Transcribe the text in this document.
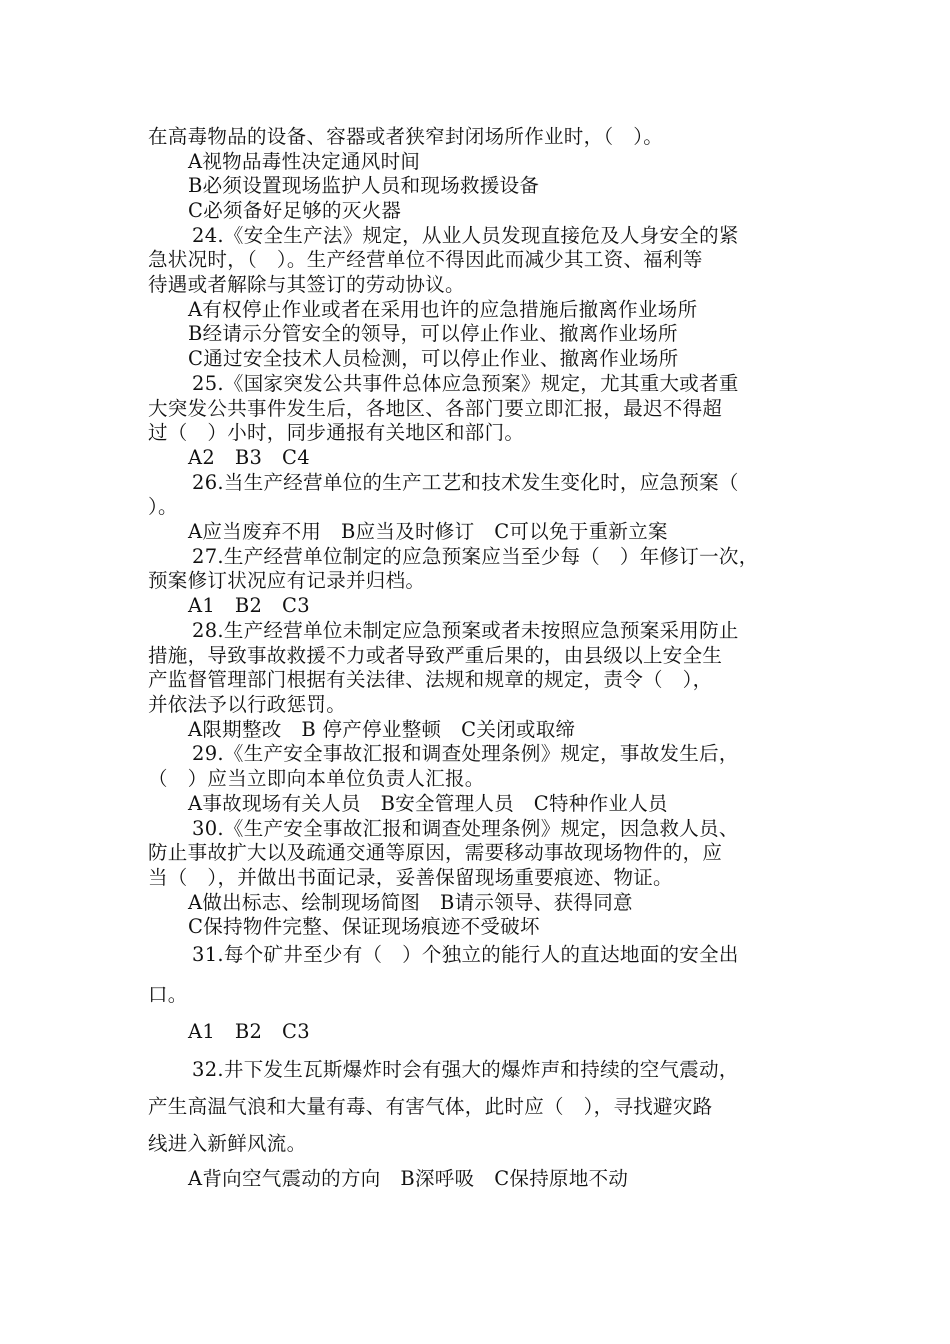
在高毒物品的设备、容器或者狭窄封闭场所作业时，（　）。
A视物品毒性决定通风时间
B必须设置现场监护人员和现场救援设备
C必须备好足够的灭火器
24.《安全生产法》规定，从业人员发现直接危及人身安全的紧
急状况时，（　）。生产经营单位不得因此而减少其工资、福利等
待遇或者解除与其签订的劳动协议。
A有权停止作业或者在采用也许的应急措施后撤离作业场所
B经请示分管安全的领导，可以停止作业、撤离作业场所
C通过安全技术人员检测，可以停止作业、撤离作业场所
25.《国家突发公共事件总体应急预案》规定，尤其重大或者重
大突发公共事件发生后，各地区、各部门要立即汇报，最迟不得超
过（　）小时，同步通报有关地区和部门。
A2　B3　C4
26.当生产经营单位的生产工艺和技术发生变化时，应急预案（
）。
A应当废弃不用　B应当及时修订　C可以免于重新立案
27.生产经营单位制定的应急预案应当至少每（　）年修订一次，
预案修订状况应有记录并归档。
A1　B2　C3
28.生产经营单位未制定应急预案或者未按照应急预案采用防止
措施，导致事故救援不力或者导致严重后果的，由县级以上安全生
产监督管理部门根据有关法律、法规和规章的规定，责令（　），
并依法予以行政惩罚。
A限期整改　B 停产停业整顿　C关闭或取缔
29.《生产安全事故汇报和调查处理条例》规定，事故发生后，
（　）应当立即向本单位负责人汇报。
A事故现场有关人员　B安全管理人员　C特种作业人员
30.《生产安全事故汇报和调查处理条例》规定，因急救人员、
防止事故扩大以及疏通交通等原因，需要移动事故现场物件的，应
当（　），并做出书面记录，妥善保留现场重要痕迹、物证。
A做出标志、绘制现场简图　B请示领导、获得同意
C保持物件完整、保证现场痕迹不受破坏
31.每个矿井至少有（　）个独立的能行人的直达地面的安全出
口。
A1　B2　C3
32.井下发生瓦斯爆炸时会有强大的爆炸声和持续的空气震动，
产生高温气浪和大量有毒、有害气体，此时应（　），寻找避灾路
线进入新鲜风流。
A背向空气震动的方向　B深呼吸　C保持原地不动
